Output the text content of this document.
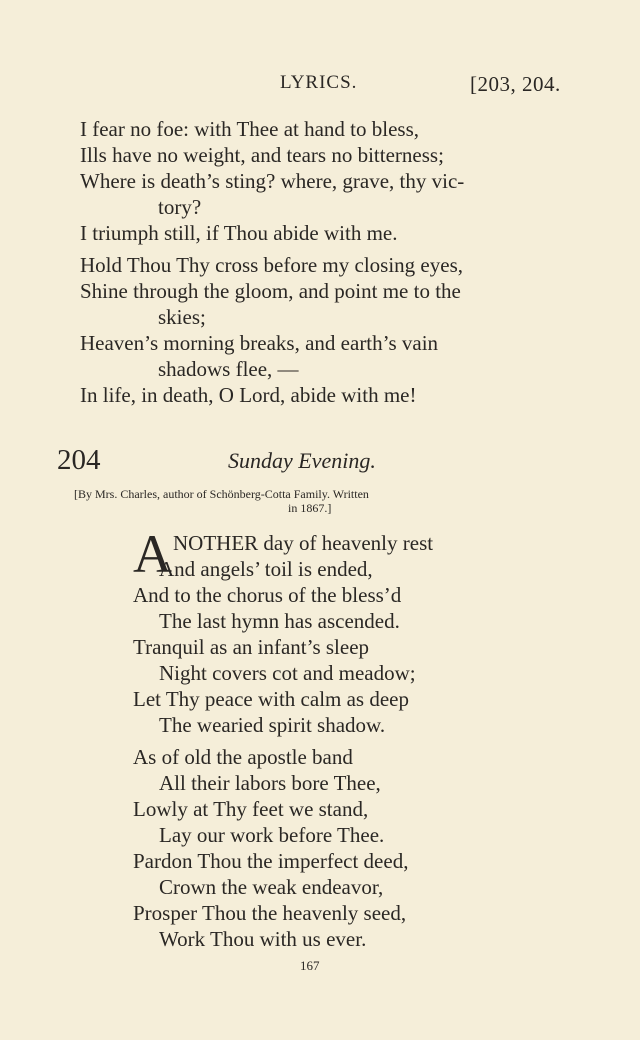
LYRICS.	[203, 204.
I fear no foe: with Thee at hand to bless,
Ills have no weight, and tears no bitterness;
Where is death’s sting? where, grave, thy vic-
tory?
I triumph still, if Thou abide with me.
Hold Thou Thy cross before my closing eyes,
Shine through the gloom, and point me to the
skies;
Heaven’s morning breaks, and earth’s vain
shadows flee, —
In life, in death, O Lord, abide with me!
204	Sunday Evening.
[By Mrs. Charles, author of Schönberg-Cotta Family. Written
in 1867.]
A NOTHER day of heavenly rest
And angels’ toil is ended,
And to the chorus of the bless’d
The last hymn has ascended.
Tranquil as an infant’s sleep
Night covers cot and meadow;
Let Thy peace with calm as deep
The wearied spirit shadow.
As of old the apostle band
All their labors bore Thee,
Lowly at Thy feet we stand,
Lay our work before Thee.
Pardon Thou the imperfect deed,
Crown the weak endeavor,
Prosper Thou the heavenly seed,
Work Thou with us ever.
167
